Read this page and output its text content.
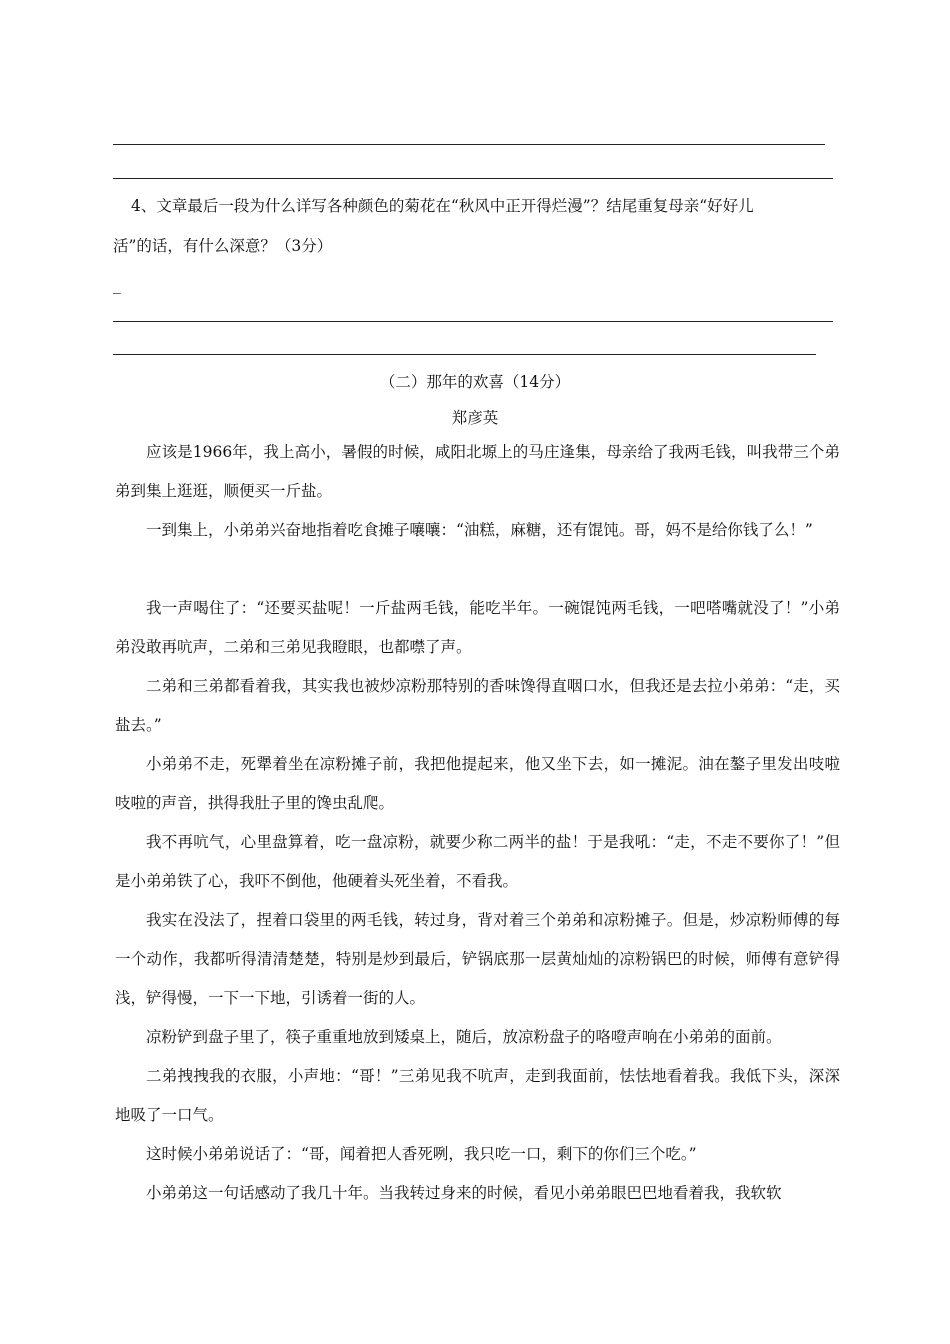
4、文章最后一段为什么详写各种颜色的菊花在“秋风中正开得烂漫”？结尾重复母亲“好好儿
活”的话，有什么深意？（3分）
_
（二）那年的欢喜（14分）
郑彦英
应该是1966年，我上高小，暑假的时候，咸阳北塬上的马庄逢集，母亲给了我两毛钱，叫我带三个弟弟到集上逛逛，顺便买一斤盐。
一到集上，小弟弟兴奋地指着吃食摊子嚷嚷：“油糕，麻糖，还有馄饨。哥，妈不是给你钱了么！”
我一声喝住了：“还要买盐呢！一斤盐两毛钱，能吃半年。一碗馄饨两毛钱，一吧嗒嘴就没了！”小弟弟没敢再吭声，二弟和三弟见我瞪眼，也都噤了声。
二弟和三弟都看着我，其实我也被炒凉粉那特别的香味馋得直咽口水，但我还是去拉小弟弟：“走，买盐去。”
小弟弟不走，死犟着坐在凉粉摊子前，我把他提起来，他又坐下去，如一摊泥。油在鏊子里发出吱啦吱啦的声音，拱得我肚子里的馋虫乱爬。
我不再吭气，心里盘算着，吃一盘凉粉，就要少称二两半的盐！于是我吼：“走，不走不要你了！”但是小弟弟铁了心，我吓不倒他，他硬着头死坐着，不看我。
我实在没法了，捏着口袋里的两毛钱，转过身，背对着三个弟弟和凉粉摊子。但是，炒凉粉师傅的每一个动作，我都听得清清楚楚，特别是炒到最后，铲锅底那一层黄灿灿的凉粉锅巴的时候，师傅有意铲得浅，铲得慢，一下一下地，引诱着一街的人。
凉粉铲到盘子里了，筷子重重地放到矮桌上，随后，放凉粉盘子的咯噔声响在小弟弟的面前。
二弟拽拽我的衣服，小声地：“哥！”三弟见我不吭声，走到我面前，怯怯地看着我。我低下头，深深地吸了一口气。
这时候小弟弟说话了：“哥，闻着把人香死咧，我只吃一口，剩下的你们三个吃。”
小弟弟这一句话感动了我几十年。当我转过身来的时候，看见小弟弟眼巴巴地看着我，我软软
